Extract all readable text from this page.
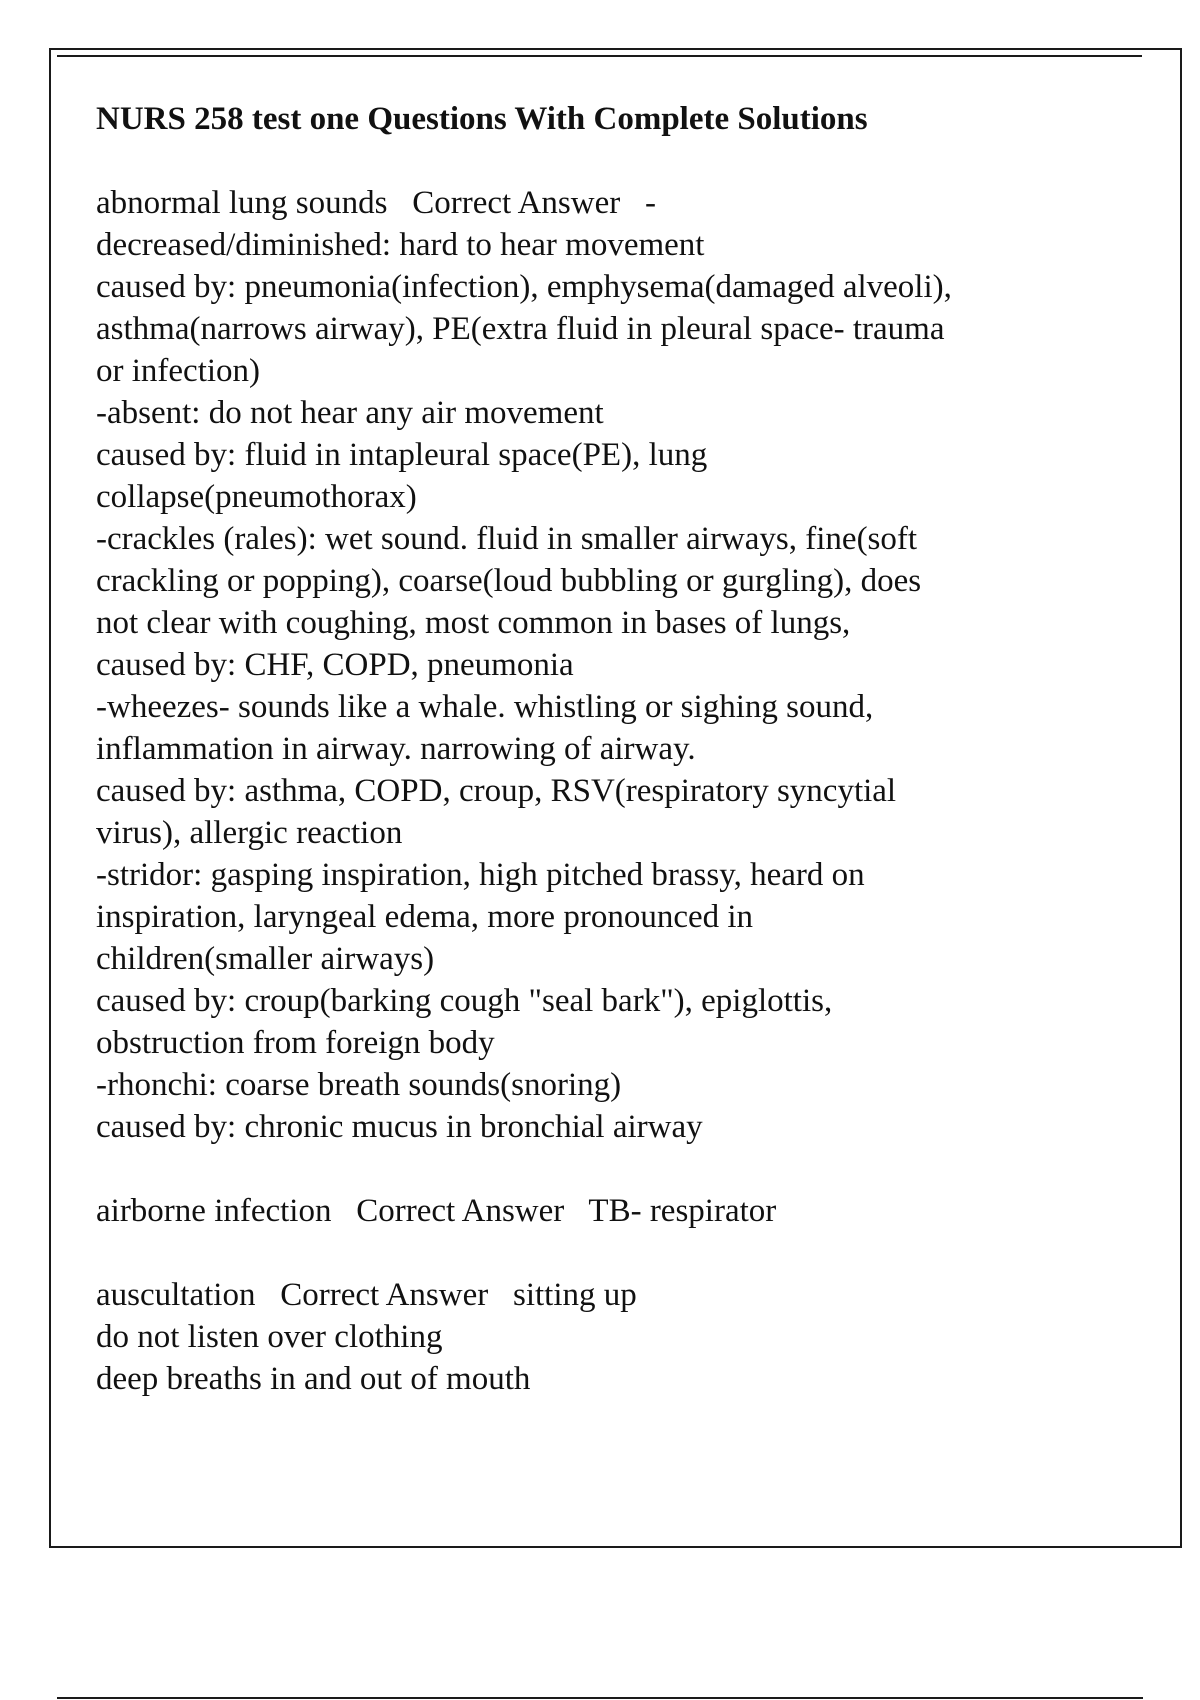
NURS 258 test one Questions With Complete Solutions

abnormal lung sounds   Correct Answer   -

decreased/diminished: hard to hear movement

caused by: pneumonia(infection), emphysema(damaged alveoli),

asthma(narrows airway), PE(extra fluid in pleural space- trauma

or infection)

-absent: do not hear any air movement

caused by: fluid in intapleural space(PE), lung

collapse(pneumothorax)

-crackles (rales): wet sound. fluid in smaller airways, fine(soft

crackling or popping), coarse(loud bubbling or gurgling), does

not clear with coughing, most common in bases of lungs,

caused by: CHF, COPD, pneumonia

-wheezes- sounds like a whale. whistling or sighing sound,

inflammation in airway. narrowing of airway.

caused by: asthma, COPD, croup, RSV(respiratory syncytial

virus), allergic reaction

-stridor: gasping inspiration, high pitched brassy, heard on

inspiration, laryngeal edema, more pronounced in

children(smaller airways)

caused by: croup(barking cough "seal bark"), epiglottis,

obstruction from foreign body

-rhonchi: coarse breath sounds(snoring)

caused by: chronic mucus in bronchial airway

airborne infection   Correct Answer   TB- respirator

auscultation   Correct Answer   sitting up

do not listen over clothing

deep breaths in and out of mouth
